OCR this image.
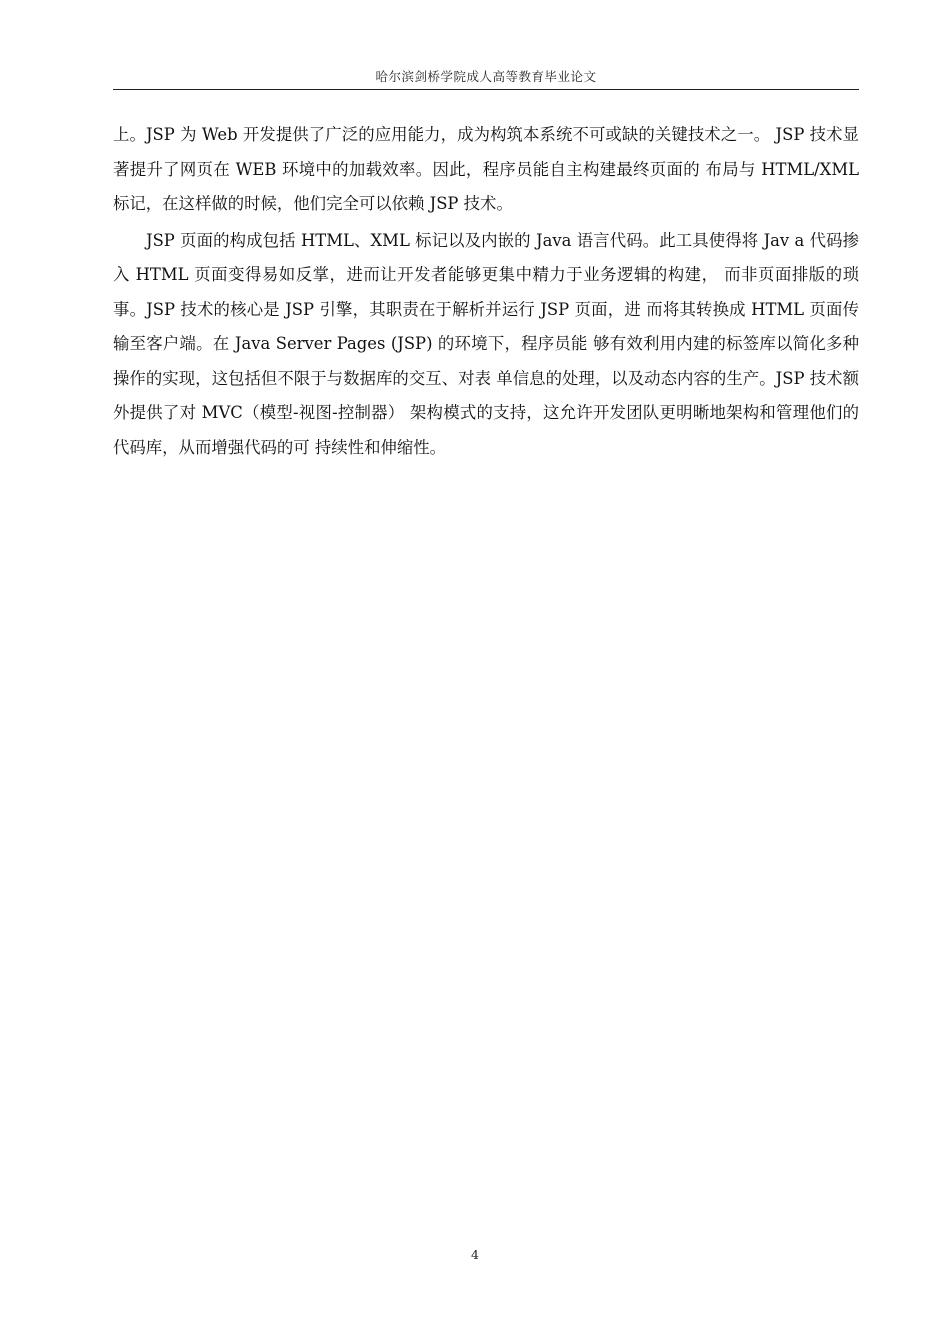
哈尔滨剑桥学院成人高等教育毕业论文

上。JSP 为 Web 开发提供了广泛的应用能力，成为构筑本系统不可或缺的关键技术之一。 JSP 技术显著提升了网页在 WEB 环境中的加载效率。因此，程序员能自主构建最终页面的 布局与 HTML/XML 标记，在这样做的时候，他们完全可以依赖 JSP 技术。

JSP 页面的构成包括 HTML、XML 标记以及内嵌的 Java 语言代码。此工具使得将 Jav a 代码掺入 HTML 页面变得易如反掌，进而让开发者能够更集中精力于业务逻辑的构建， 而非页面排版的琐事。JSP 技术的核心是 JSP 引擎，其职责在于解析并运行 JSP 页面，进 而将其转换成 HTML 页面传输至客户端。在 Java Server Pages (JSP) 的环境下，程序员能 够有效利用内建的标签库以简化多种操作的实现，这包括但不限于与数据库的交互、对表 单信息的处理，以及动态内容的生产。JSP 技术额外提供了对 MVC（模型-视图-控制器） 架构模式的支持，这允许开发团队更明晰地架构和管理他们的代码库，从而增强代码的可 持续性和伸缩性。

4
